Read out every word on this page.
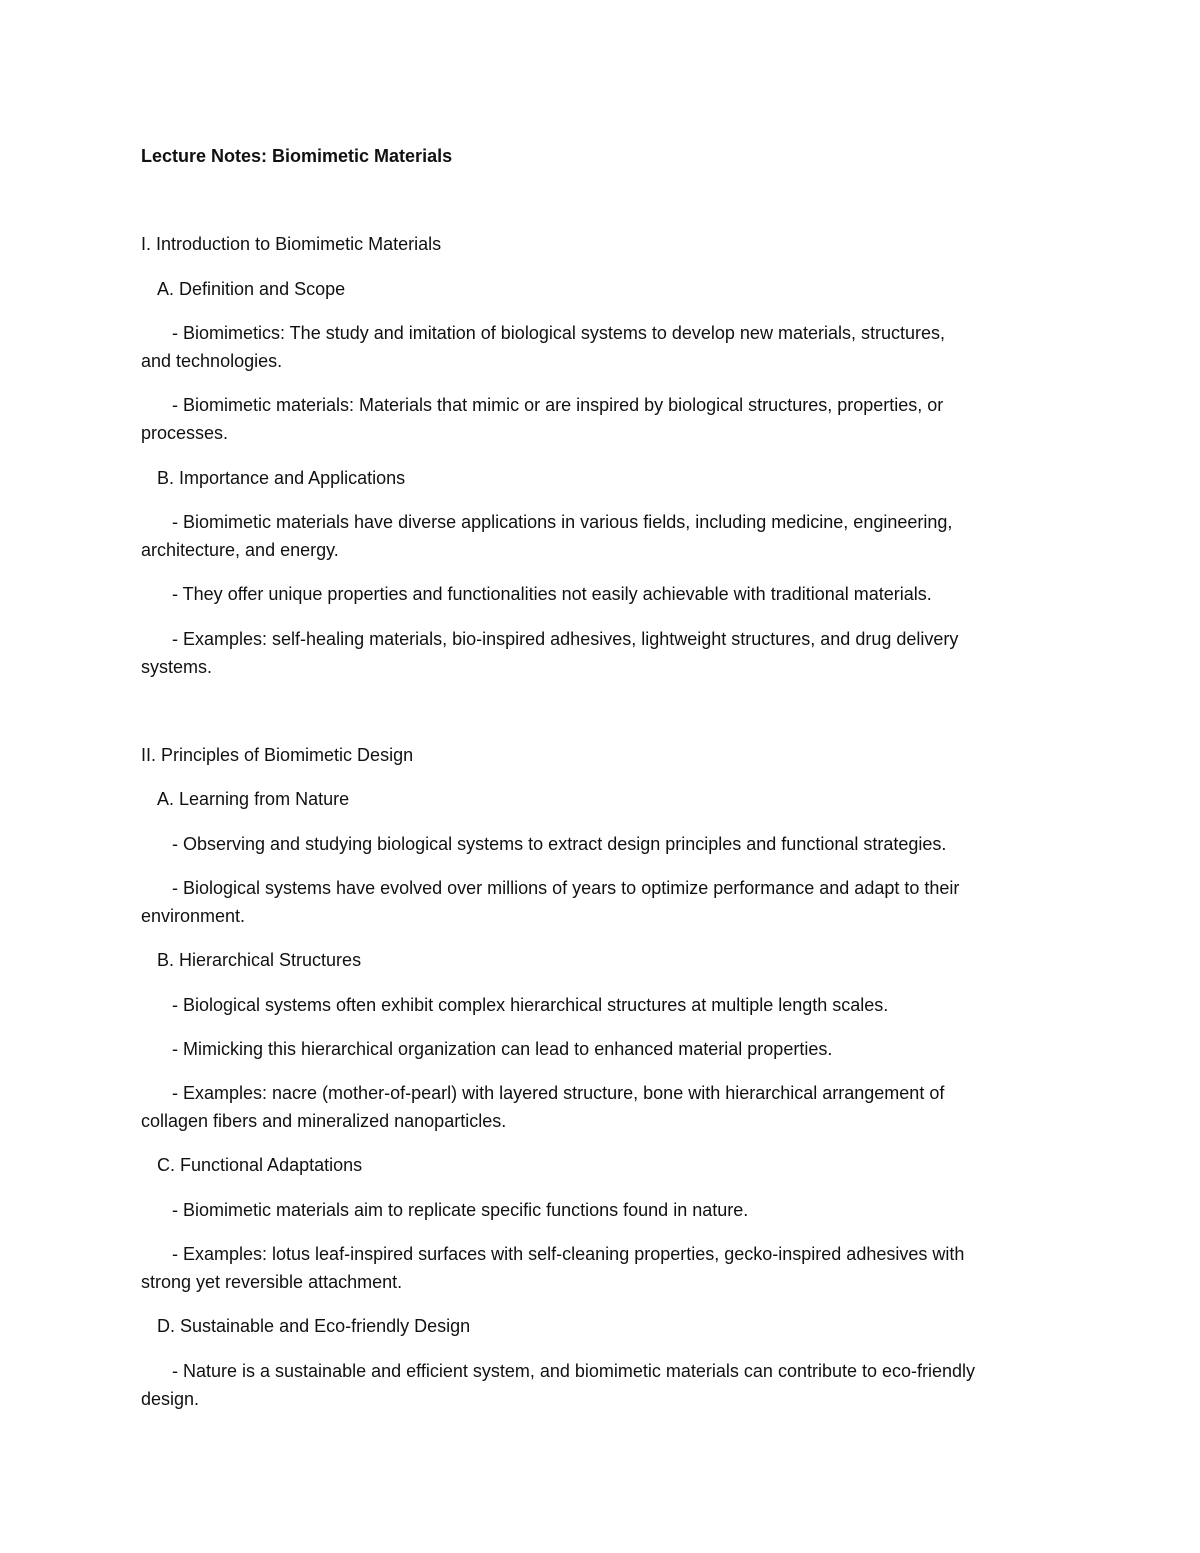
Lecture Notes: Biomimetic Materials
I. Introduction to Biomimetic Materials
A. Definition and Scope
- Biomimetics: The study and imitation of biological systems to develop new materials, structures,
and technologies.
- Biomimetic materials: Materials that mimic or are inspired by biological structures, properties, or
processes.
B. Importance and Applications
- Biomimetic materials have diverse applications in various fields, including medicine, engineering,
architecture, and energy.
- They offer unique properties and functionalities not easily achievable with traditional materials.
- Examples: self-healing materials, bio-inspired adhesives, lightweight structures, and drug delivery
systems.
II. Principles of Biomimetic Design
A. Learning from Nature
- Observing and studying biological systems to extract design principles and functional strategies.
- Biological systems have evolved over millions of years to optimize performance and adapt to their
environment.
B. Hierarchical Structures
- Biological systems often exhibit complex hierarchical structures at multiple length scales.
- Mimicking this hierarchical organization can lead to enhanced material properties.
- Examples: nacre (mother-of-pearl) with layered structure, bone with hierarchical arrangement of
collagen fibers and mineralized nanoparticles.
C. Functional Adaptations
- Biomimetic materials aim to replicate specific functions found in nature.
- Examples: lotus leaf-inspired surfaces with self-cleaning properties, gecko-inspired adhesives with
strong yet reversible attachment.
D. Sustainable and Eco-friendly Design
- Nature is a sustainable and efficient system, and biomimetic materials can contribute to eco-friendly
design.
